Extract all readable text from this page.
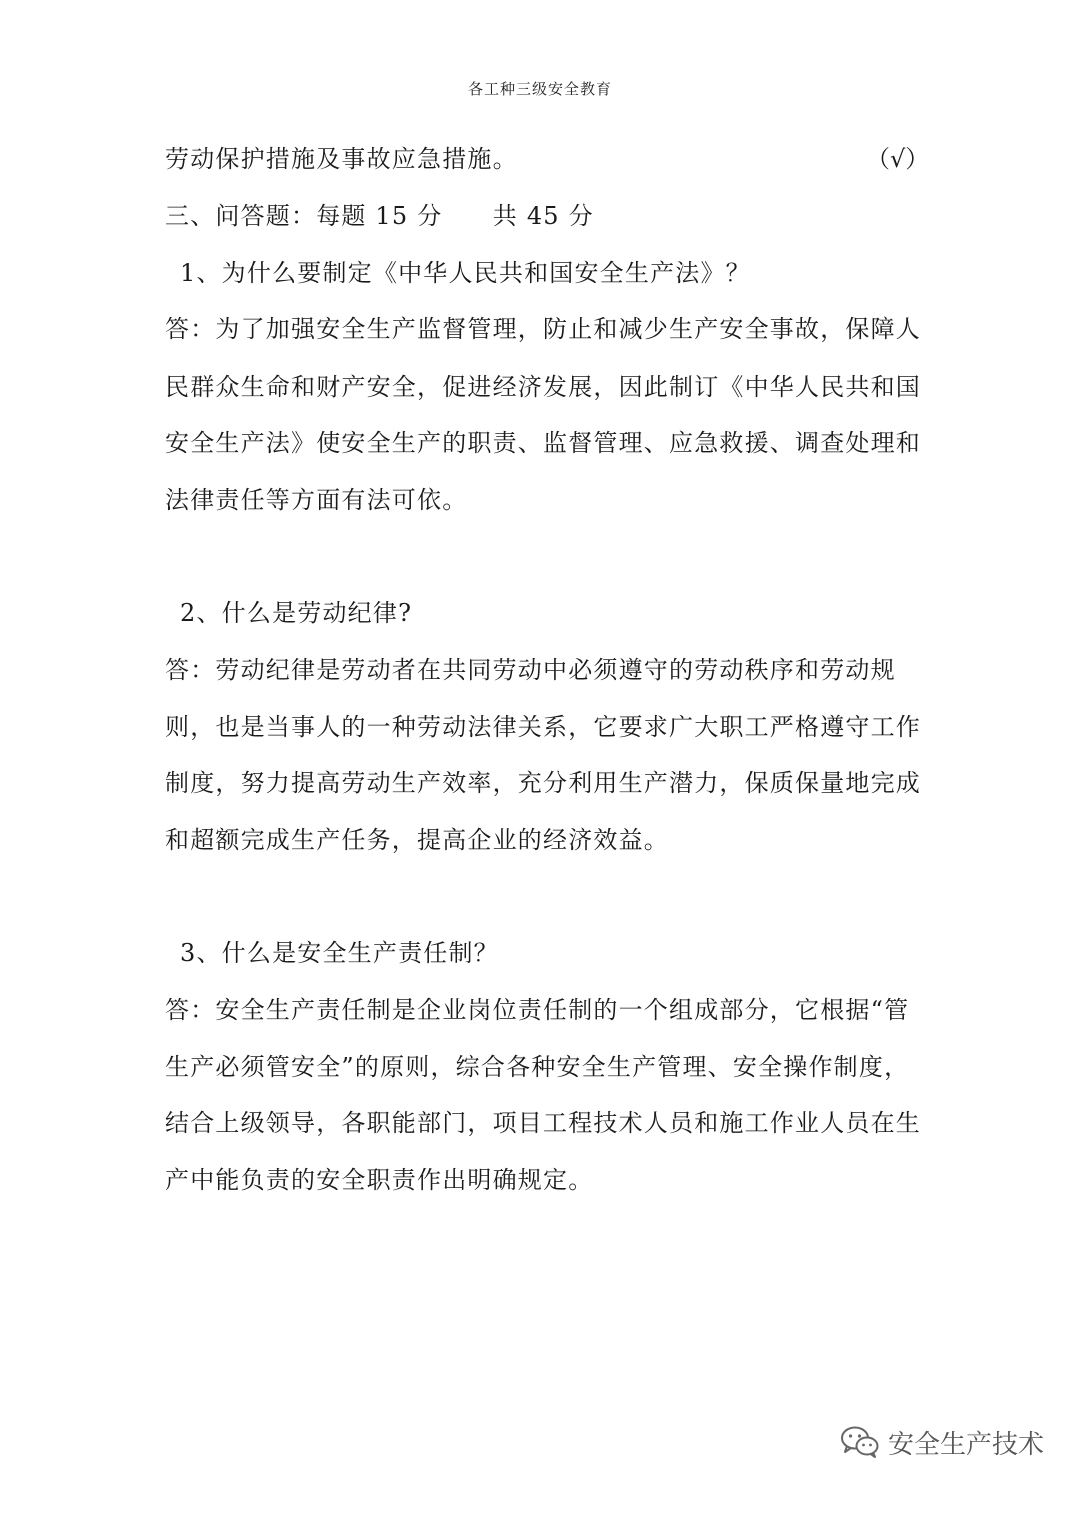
各工种三级安全教育
劳动保护措施及事故应急措施。	（√）
三、问答题：每题 15 分　　共 45 分
1、为什么要制定《中华人民共和国安全生产法》？
答：为了加强安全生产监督管理，防止和减少生产安全事故，保障人
民群众生命和财产安全，促进经济发展，因此制订《中华人民共和国
安全生产法》使安全生产的职责、监督管理、应急救援、调查处理和
法律责任等方面有法可依。
2、什么是劳动纪律?
答：劳动纪律是劳动者在共同劳动中必须遵守的劳动秩序和劳动规
则，也是当事人的一种劳动法律关系，它要求广大职工严格遵守工作
制度，努力提高劳动生产效率，充分利用生产潜力，保质保量地完成
和超额完成生产任务，提高企业的经济效益。
3、什么是安全生产责任制？
答：安全生产责任制是企业岗位责任制的一个组成部分，它根据“管
生产必须管安全”的原则，综合各种安全生产管理、安全操作制度，
结合上级领导，各职能部门，项目工程技术人员和施工作业人员在生
产中能负责的安全职责作出明确规定。
安全生产技术
